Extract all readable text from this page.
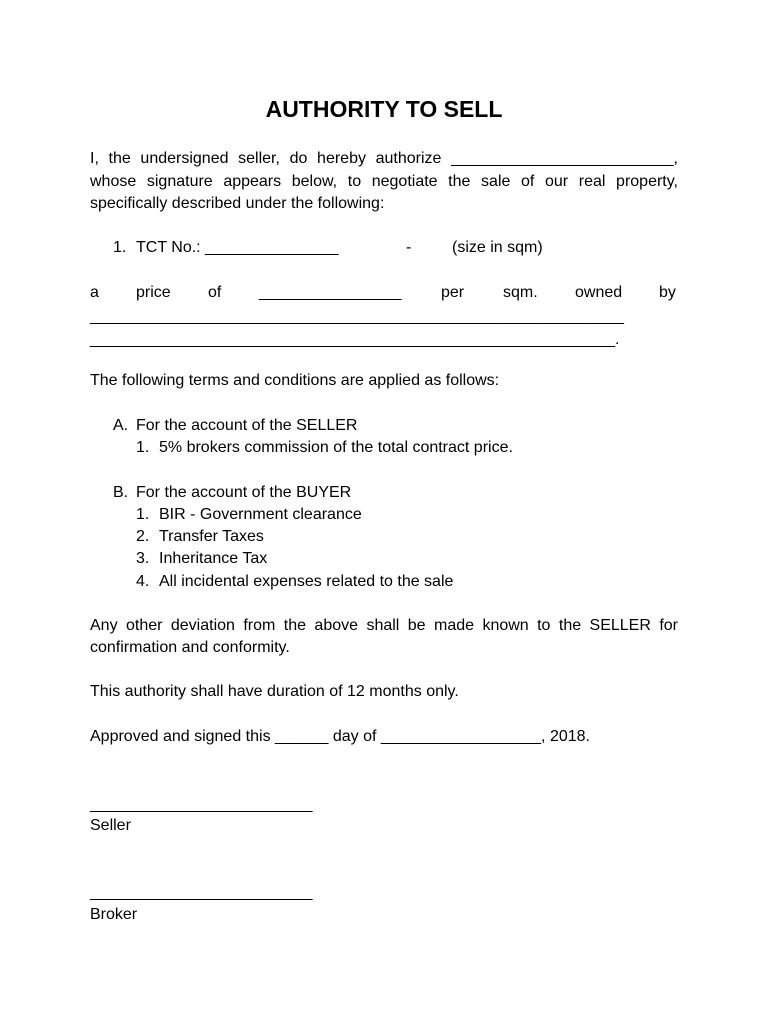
AUTHORITY TO SELL
I, the undersigned seller, do hereby authorize _________________________,
whose signature appears below, to negotiate the sale of our real property,
specifically described under the following:
1. TCT No.: _______________	-	(size in sqm)
a price of ________________ per sqm. owned by
____________________________________________________________
___________________________________________________________.
The following terms and conditions are applied as follows:
A. For the account of the SELLER
1. 5% brokers commission of the total contract price.
B. For the account of the BUYER
1. BIR - Government clearance
2. Transfer Taxes
3. Inheritance Tax
4. All incidental expenses related to the sale
Any other deviation from the above shall be made known to the SELLER for
confirmation and conformity.
This authority shall have duration of 12 months only.
Approved and signed this ______ day of __________________, 2018.
_________________________
Seller
_________________________
Broker
